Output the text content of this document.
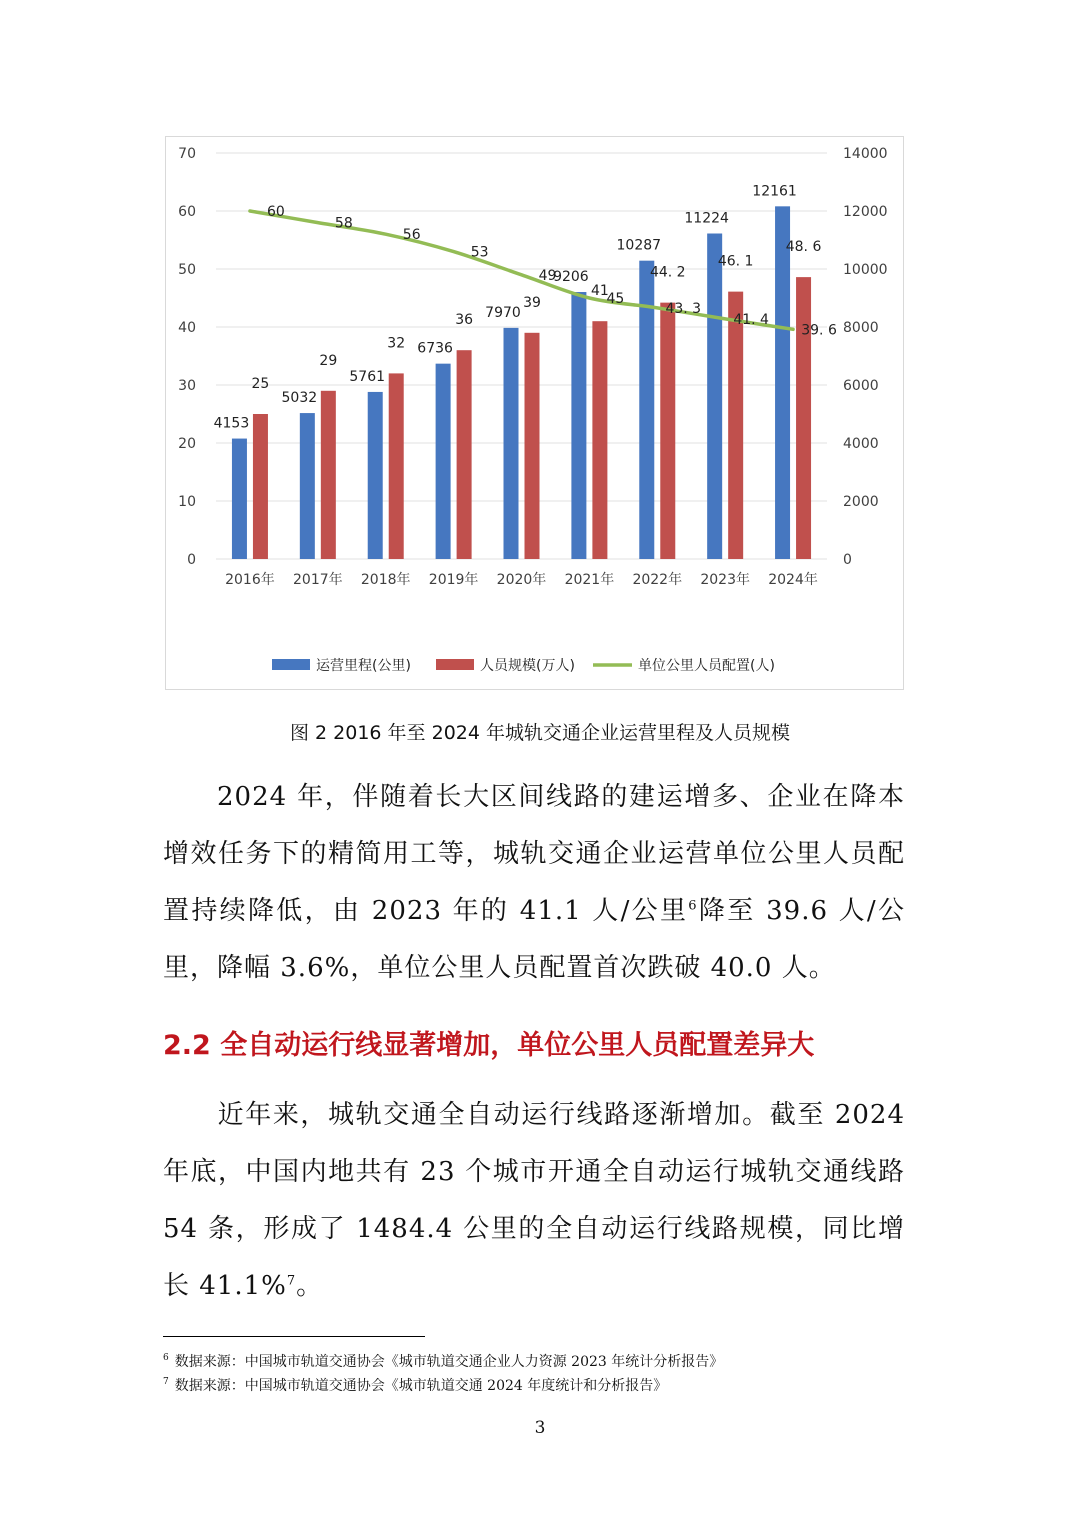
0
10
20
30
40
50
60
70
0
2000
4000
6000
8000
10000
12000
14000
2016年 2017年 2018年 2019年 2020年 2021年 2022年 2023年 2024年
4153
5032
5761
6736
7970
9206
10287
11224
12161
25
29
32
36
39
41
44. 2
46. 1
48. 6
60
58
56
53
49
45
43. 3
41. 4
39. 6
运营里程(公里)	人员规模(万人)	单位公里人员配置(人)
图 2 2016 年至 2024 年城轨交通企业运营里程及人员规模

2024 年，伴随着长大区间线路的建运增多、企业在降本增效任务下的精简用工等，城轨交通企业运营单位公里人员配置持续降低，由 2023 年的 41.1 人/公里$^6$降至 39.6 人/公里，降幅 3.6%，单位公里人员配置首次跌破 40.0 人。

2.2 全自动运行线显著增加，单位公里人员配置差异大

近年来，城轨交通全自动运行线路逐渐增加。截至 2024 年底，中国内地共有 23 个城市开通全自动运行城轨交通线路 54 条，形成了 1484.4 公里的全自动运行线路规模，同比增长 41.1%$^7$。

$^6$ 数据来源：中国城市轨道交通协会《城市轨道交通企业人力资源 2023 年统计分析报告》
$^7$ 数据来源：中国城市轨道交通协会《城市轨道交通 2024 年度统计和分析报告》
3
